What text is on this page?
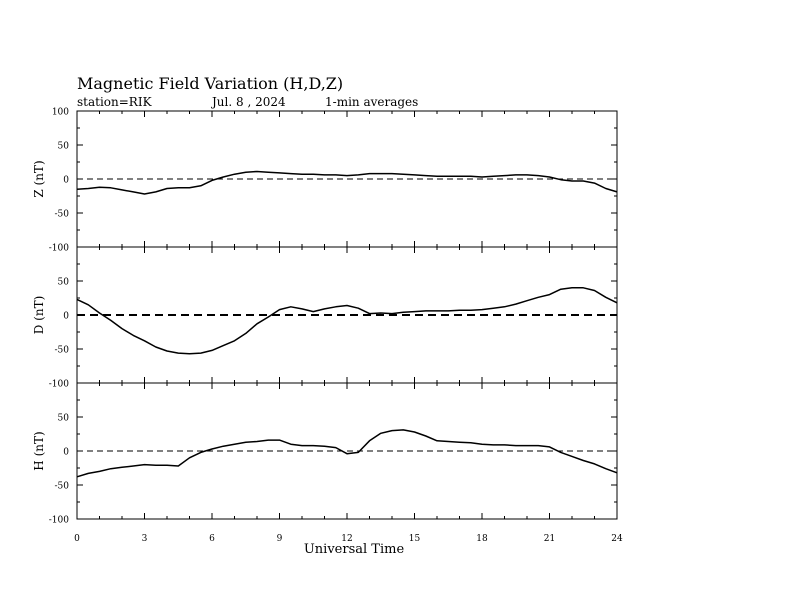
Magnetic Field Variation (H,D,Z)
station=RIK	Jul. 8 , 2024	1-min averages
100
50
0
-50
-100
Z (nT)
50
0
-50
-100
D (nT)
50
0
-50
-100
H (nT)
0	3	6	9	12	15	18	21	24
Universal Time
